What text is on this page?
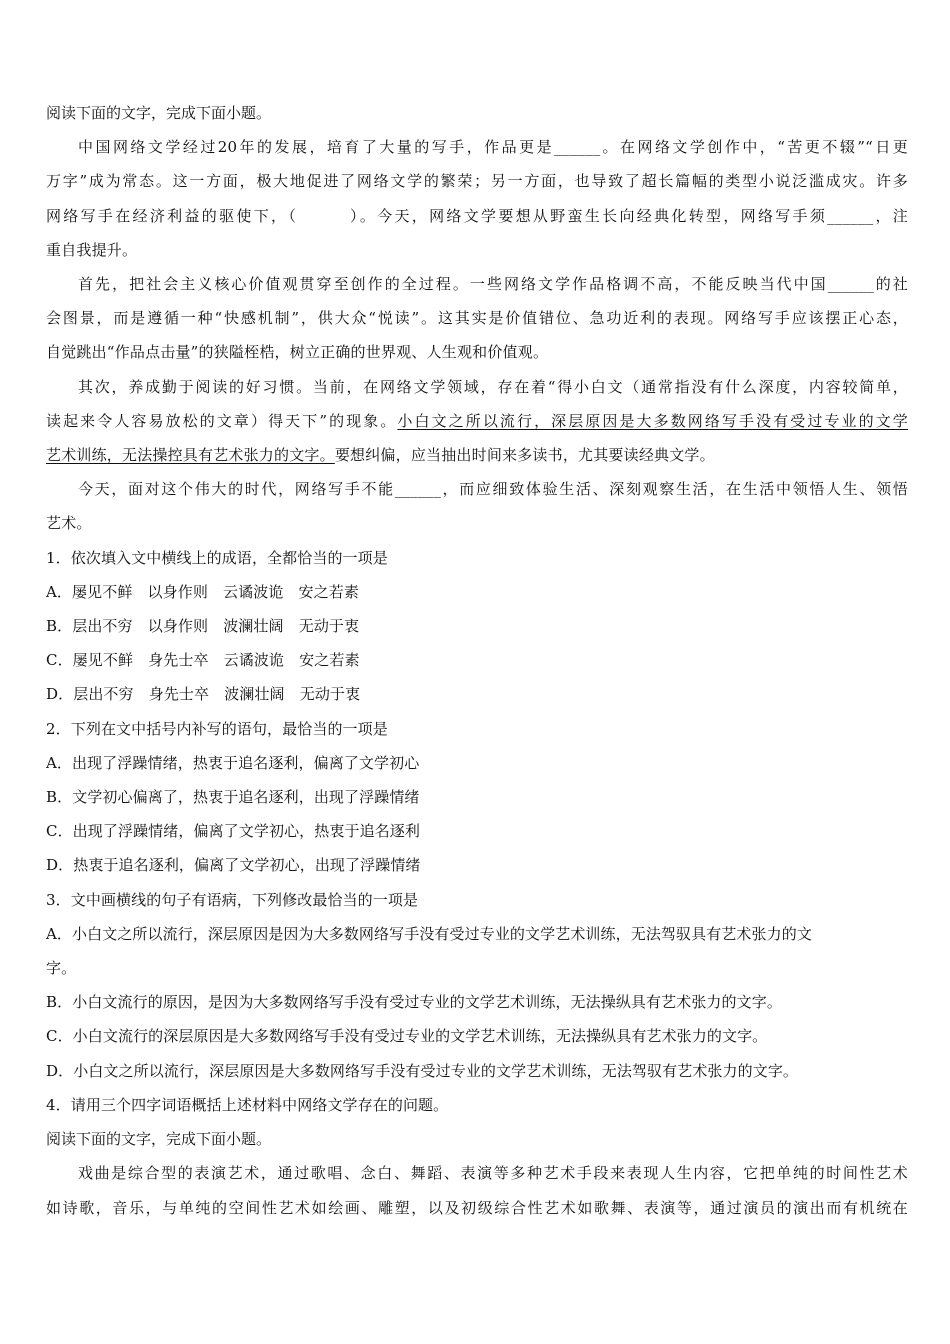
阅读下面的文字，完成下面小题。
中国网络文学经过20年的发展，培育了大量的写手，作品更是______。在网络文学创作中，“苦更不辍”“日更
万字”成为常态。这一方面，极大地促进了网络文学的繁荣；另一方面，也导致了超长篇幅的类型小说泛滥成灾。许多
网络写手在经济利益的驱使下，（　　　）。今天，网络文学要想从野蛮生长向经典化转型，网络写手须______，注
重自我提升。
首先，把社会主义核心价值观贯穿至创作的全过程。一些网络文学作品格调不高，不能反映当代中国______的社
会图景，而是遵循一种“快感机制”，供大众“悦读”。这其实是价值错位、急功近利的表现。网络写手应该摆正心态，
自觉跳出“作品点击量”的狭隘桎梏，树立正确的世界观、人生观和价值观。
其次，养成勤于阅读的好习惯。当前，在网络文学领域，存在着“得小白文（通常指没有什么深度，内容较简单，
读起来令人容易放松的文章）得天下”的现象。小白文之所以流行，深层原因是大多数网络写手没有受过专业的文学
艺术训练，无法操控具有艺术张力的文字。要想纠偏，应当抽出时间来多读书，尤其要读经典文学。
今天，面对这个伟大的时代，网络写手不能______，而应细致体验生活、深刻观察生活，在生活中领悟人生、领悟
艺术。
1．依次填入文中横线上的成语，全都恰当的一项是
A．屡见不鲜　以身作则　云谲波诡　安之若素
B．层出不穷　以身作则　波澜壮阔　无动于衷
C．屡见不鲜　身先士卒　云谲波诡　安之若素
D．层出不穷　身先士卒　波澜壮阔　无动于衷
2．下列在文中括号内补写的语句，最恰当的一项是
A．出现了浮躁情绪，热衷于追名逐利，偏离了文学初心
B．文学初心偏离了，热衷于追名逐利，出现了浮躁情绪
C．出现了浮躁情绪，偏离了文学初心，热衷于追名逐利
D．热衷于追名逐利，偏离了文学初心，出现了浮躁情绪
3．文中画横线的句子有语病，下列修改最恰当的一项是
A．小白文之所以流行，深层原因是因为大多数网络写手没有受过专业的文学艺术训练，无法驾驭具有艺术张力的文
字。
B．小白文流行的原因，是因为大多数网络写手没有受过专业的文学艺术训练，无法操纵具有艺术张力的文字。
C．小白文流行的深层原因是大多数网络写手没有受过专业的文学艺术训练，无法操纵具有艺术张力的文字。
D．小白文之所以流行，深层原因是大多数网络写手没有受过专业的文学艺术训练，无法驾驭有艺术张力的文字。
4．请用三个四字词语概括上述材料中网络文学存在的问题。
阅读下面的文字，完成下面小题。
戏曲是综合型的表演艺术，通过歌唱、念白、舞蹈、表演等多种艺术手段来表现人生内容，它把单纯的时间性艺术
如诗歌，音乐，与单纯的空间性艺术如绘画、雕塑，以及初级综合性艺术如歌舞、表演等，通过演员的演出而有机统在
